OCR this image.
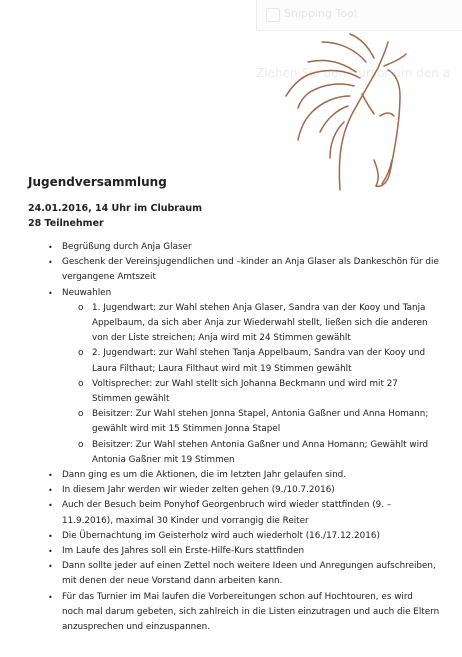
Snipping Tool
Ziehen Sie den Cursor um den a
Jugendversammlung
24.01.2016, 14 Uhr im Clubraum
28 Teilnehmer
• Begrüßung durch Anja Glaser
• Geschenk der Vereinsjugendlichen und –kinder an Anja Glaser als Dankeschön für die
vergangene Amtszeit
• Neuwahlen
o 1. Jugendwart: zur Wahl stehen Anja Glaser, Sandra van der Kooy und Tanja
Appelbaum, da sich aber Anja zur Wiederwahl stellt, ließen sich die anderen
von der Liste streichen; Anja wird mit 24 Stimmen gewählt
o 2. Jugendwart: zur Wahl stehen Tanja Appelbaum, Sandra van der Kooy und
Laura Filthaut; Laura Filthaut wird mit 19 Stimmen gewählt
o Voltisprecher: zur Wahl stellt sich Johanna Beckmann und wird mit 27
Stimmen gewählt
o Beisitzer: Zur Wahl stehen Jonna Stapel, Antonia Gaßner und Anna Homann;
gewählt wird mit 15 Stimmen Jonna Stapel
o Beisitzer: Zur Wahl stehen Antonia Gaßner und Anna Homann; Gewählt wird
Antonia Gaßner mit 19 Stimmen
• Dann ging es um die Aktionen, die im letzten Jahr gelaufen sind.
• In diesem Jahr werden wir wieder zelten gehen (9./10.7.2016)
• Auch der Besuch beim Ponyhof Georgenbruch wird wieder stattfinden (9. –
11.9.2016), maximal 30 Kinder und vorrangig die Reiter
• Die Übernachtung im Geisterholz wird auch wiederholt (16./17.12.2016)
• Im Laufe des Jahres soll ein Erste-Hilfe-Kurs stattfinden
• Dann sollte jeder auf einen Zettel noch weitere Ideen und Anregungen aufschreiben,
mit denen der neue Vorstand dann arbeiten kann.
• Für das Turnier im Mai laufen die Vorbereitungen schon auf Hochtouren, es wird
noch mal darum gebeten, sich zahlreich in die Listen einzutragen und auch die Eltern
anzusprechen und einzuspannen.
